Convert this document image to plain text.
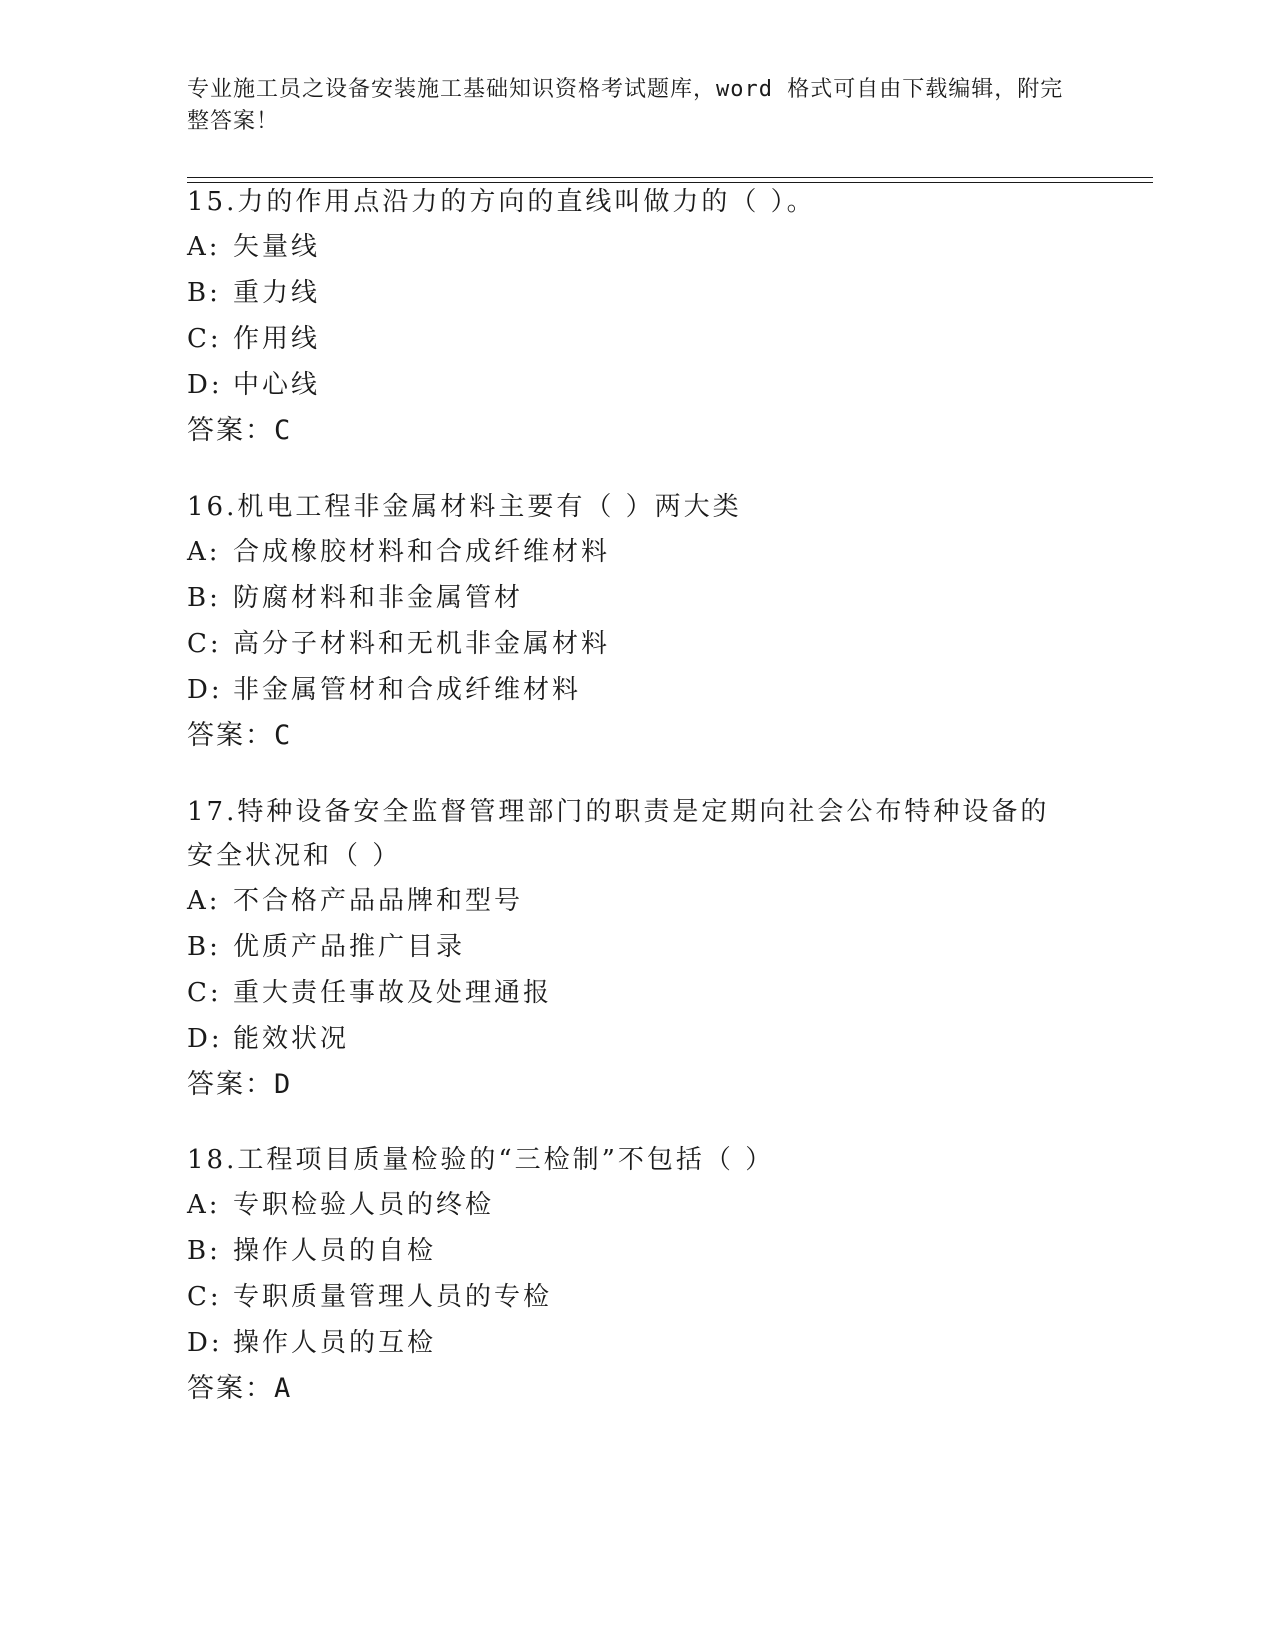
专业施工员之设备安装施工基础知识资格考试题库，word 格式可自由下载编辑，附完整答案！
15.力的作用点沿力的方向的直线叫做力的（ ）。
A: 矢量线
B: 重力线
C: 作用线
D: 中心线
答案：C
16.机电工程非金属材料主要有（ ）两大类
A: 合成橡胶材料和合成纤维材料
B: 防腐材料和非金属管材
C: 高分子材料和无机非金属材料
D: 非金属管材和合成纤维材料
答案：C
17.特种设备安全监督管理部门的职责是定期向社会公布特种设备的安全状况和（ ）
A: 不合格产品品牌和型号
B: 优质产品推广目录
C: 重大责任事故及处理通报
D: 能效状况
答案：D
18.工程项目质量检验的“三检制”不包括（ ）
A: 专职检验人员的终检
B: 操作人员的自检
C: 专职质量管理人员的专检
D: 操作人员的互检
答案：A
